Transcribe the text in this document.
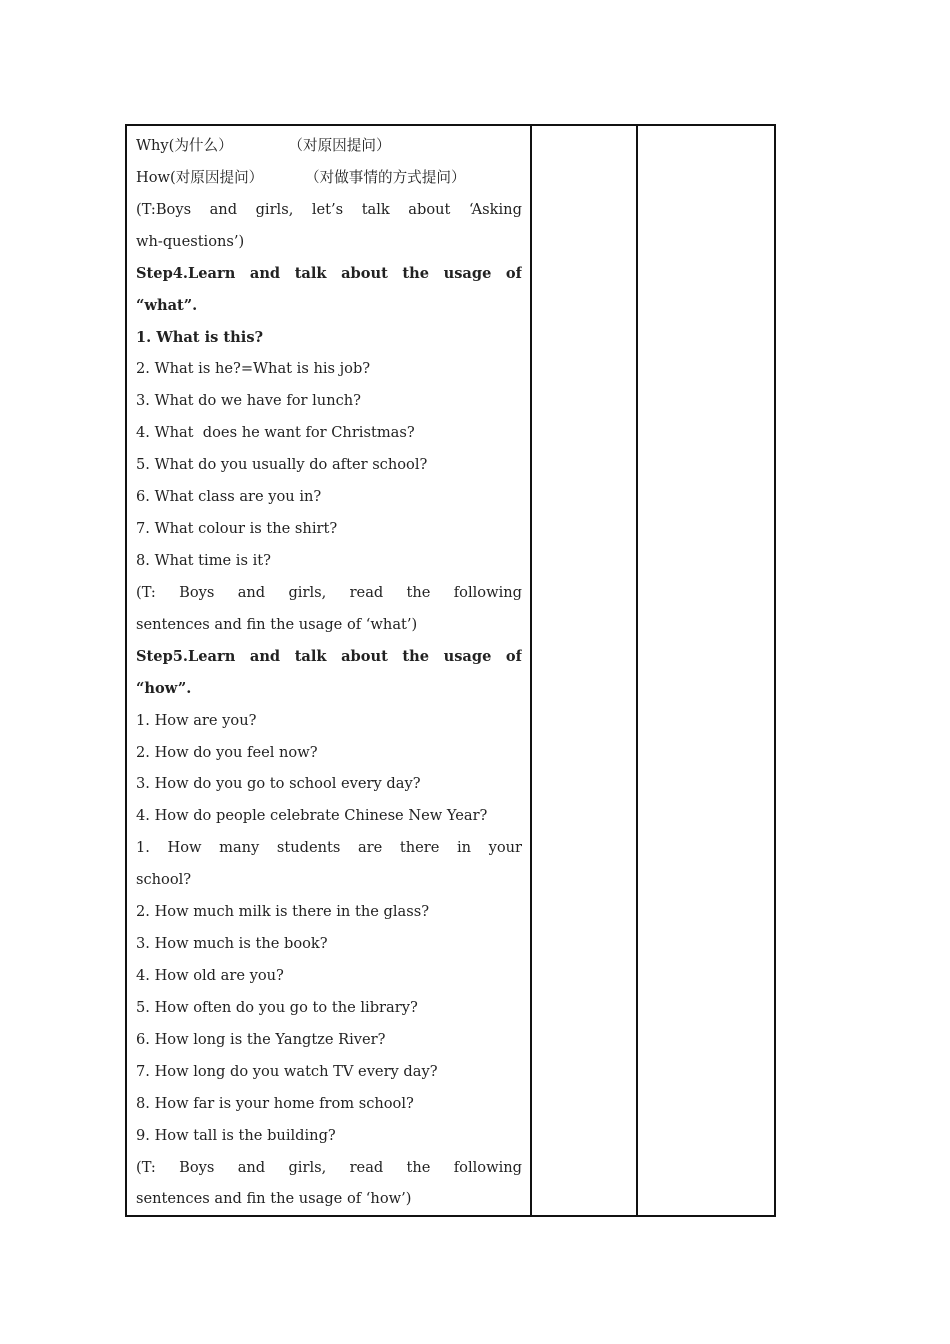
Why(为什么）            （对原因提问）
How(对原因提问）         （对做事情的方式提问）
(T:Boys and girls, let’s talk about ‘Asking
wh-questions’)
Step4.Learn and talk about the usage of
“what”.
1. What is this?
2. What is he?=What is his job?
3. What do we have for lunch?
4. What  does he want for Christmas?
5. What do you usually do after school?
6. What class are you in?
7. What colour is the shirt?
8. What time is it?
(T: Boys and girls, read the following
sentences and fin the usage of ‘what’)
Step5.Learn and talk about the usage of
“how”.
1. How are you?
2. How do you feel now?
3. How do you go to school every day?
4. How do people celebrate Chinese New Year?
1. How many students are there in your
school?
2. How much milk is there in the glass?
3. How much is the book?
4. How old are you?
5. How often do you go to the library?
6. How long is the Yangtze River?
7. How long do you watch TV every day?
8. How far is your home from school?
9. How tall is the building?
(T: Boys and girls, read the following
sentences and fin the usage of ‘how’)
